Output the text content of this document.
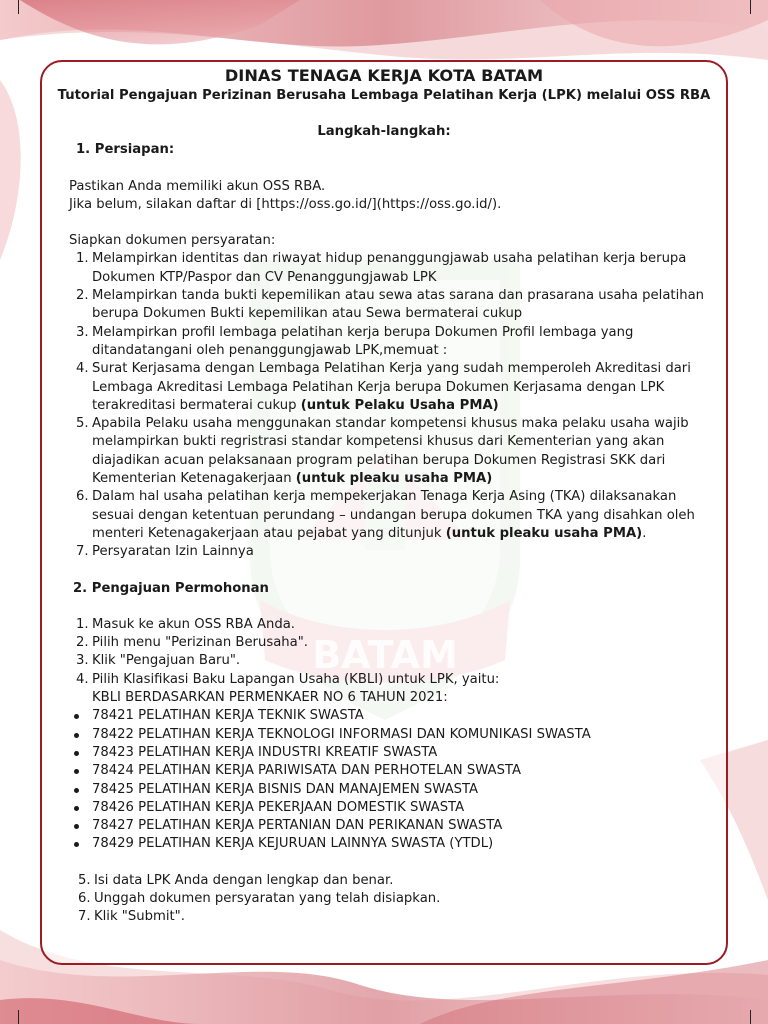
DINAS TENAGA KERJA KOTA BATAM
Tutorial Pengajuan Perizinan Berusaha Lembaga Pelatihan Kerja (LPK) melalui OSS RBA
Langkah-langkah:
1. Persiapan:
Pastikan Anda memiliki akun OSS RBA.
Jika belum, silakan daftar di [https://oss.go.id/](https://oss.go.id/).
Siapkan dokumen persyaratan:
1. Melampirkan identitas dan riwayat hidup penanggungjawab usaha pelatihan kerja berupa
Dokumen KTP/Paspor dan CV Penanggungjawab LPK
2. Melampirkan tanda bukti kepemilikan atau sewa atas sarana dan prasarana usaha pelatihan
berupa Dokumen Bukti kepemilikan atau Sewa bermaterai cukup
3. Melampirkan profil lembaga pelatihan kerja berupa Dokumen Profil lembaga yang
ditandatangani oleh penanggungjawab LPK,memuat :
4. Surat Kerjasama dengan Lembaga Pelatihan Kerja yang sudah memperoleh Akreditasi dari
Lembaga Akreditasi Lembaga Pelatihan Kerja berupa Dokumen Kerjasama dengan LPK
terakreditasi bermaterai cukup (untuk Pelaku Usaha PMA)
5. Apabila Pelaku usaha menggunakan standar kompetensi khusus maka pelaku usaha wajib
melampirkan bukti regristrasi standar kompetensi khusus dari Kementerian yang akan
diajadikan acuan pelaksanaan program pelatihan berupa Dokumen Registrasi SKK dari
Kementerian Ketenagakerjaan (untuk pleaku usaha PMA)
6. Dalam hal usaha pelatihan kerja mempekerjakan Tenaga Kerja Asing (TKA) dilaksanakan
sesuai dengan ketentuan perundang – undangan berupa dokumen TKA yang disahkan oleh
menteri Ketenagakerjaan atau pejabat yang ditunjuk (untuk pleaku usaha PMA).
7. Persyaratan Izin Lainnya
2. Pengajuan Permohonan
1. Masuk ke akun OSS RBA Anda.
2. Pilih menu "Perizinan Berusaha".
3. Klik "Pengajuan Baru".
4. Pilih Klasifikasi Baku Lapangan Usaha (KBLI) untuk LPK, yaitu:
KBLI BERDASARKAN PERMENKAER NO 6 TAHUN 2021:
78421 PELATIHAN KERJA TEKNIK SWASTA
78422 PELATIHAN KERJA TEKNOLOGI INFORMASI DAN KOMUNIKASI SWASTA
78423 PELATIHAN KERJA INDUSTRI KREATIF SWASTA
78424 PELATIHAN KERJA PARIWISATA DAN PERHOTELAN SWASTA
78425 PELATIHAN KERJA BISNIS DAN MANAJEMEN SWASTA
78426 PELATIHAN KERJA PEKERJAAN DOMESTIK SWASTA
78427 PELATIHAN KERJA PERTANIAN DAN PERIKANAN SWASTA
78429 PELATIHAN KERJA KEJURUAN LAINNYA SWASTA (YTDL)
5. Isi data LPK Anda dengan lengkap dan benar.
6. Unggah dokumen persyaratan yang telah disiapkan.
7. Klik "Submit".
